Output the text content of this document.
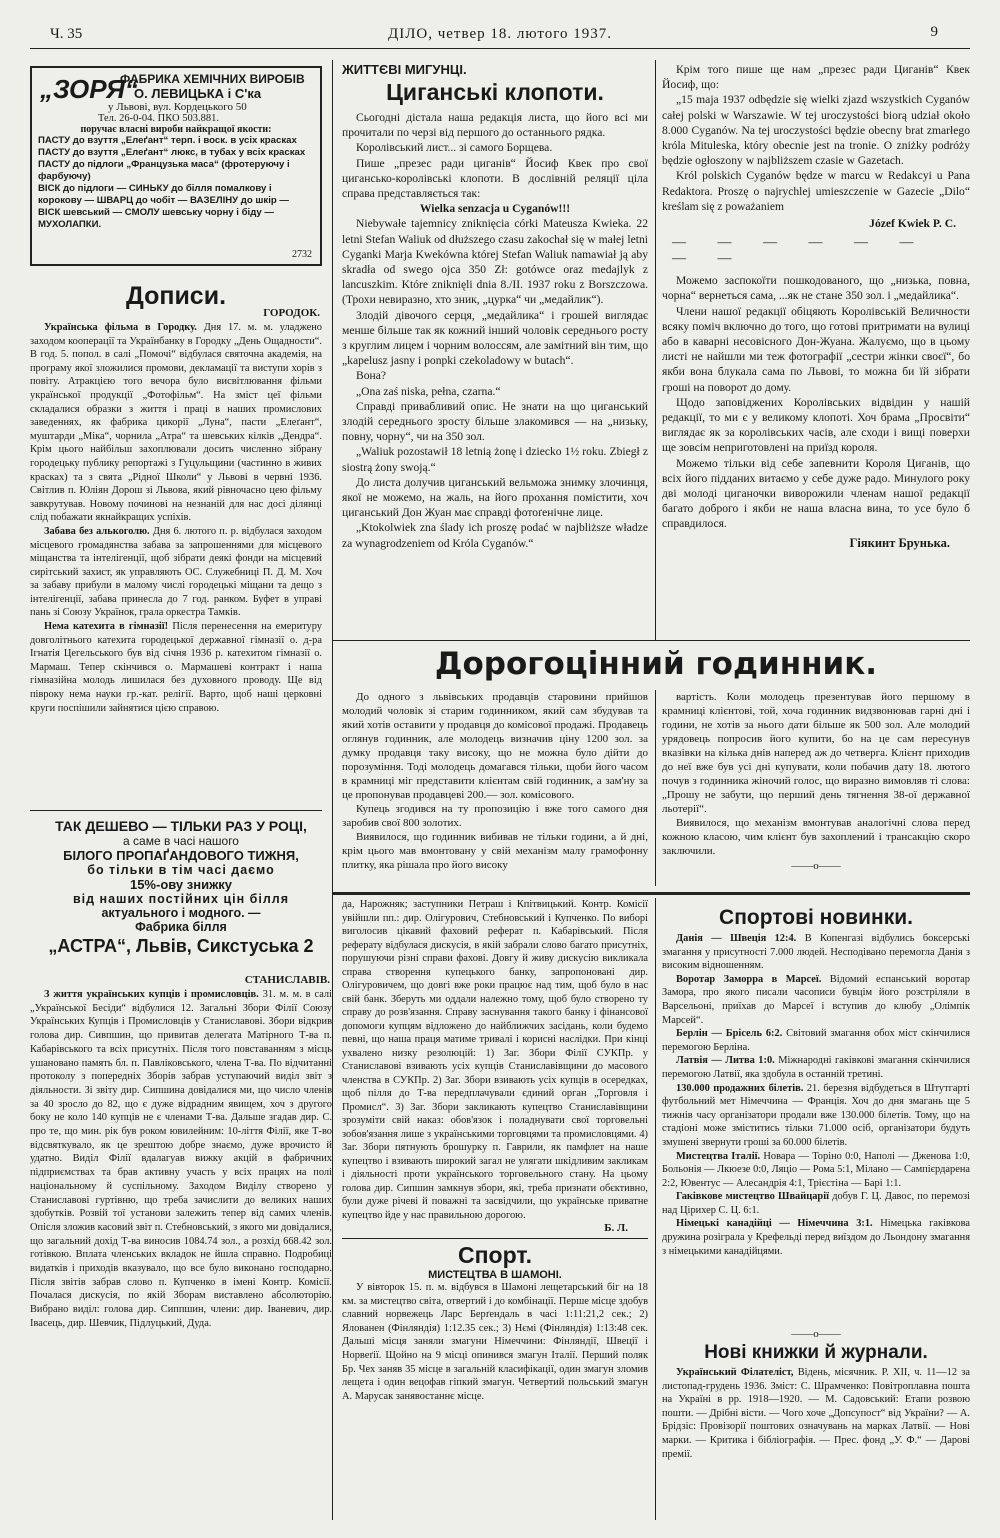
Ч. 35	ДІЛО, четвер 18. лютого 1937.	9
„ЗОРЯ“
ФАБРИКА ХЕМІЧНИХ ВИРОБІВ
О. ЛЕВИЦЬКА і С'ка
у Львові, вул. Кордецького 50
Тел. 26-0-04. ПКО 503.881.
поручає власні вироби найкращої якости:
ПАСТУ до взуття „Елеґант“ терп. і воск. в усіх красках
ПАСТУ до взуття „Елеґант“ люкс, в тубах у всіх красках
ПАСТУ до підлоги „Французька маса“ (фротеруючу і фарбуючу)
ВІСК до підлоги — СИНЬКУ до білля помалкову і корокову — ШВАРЦ до чобіт — ВАЗЕЛІНУ до шкір — ВІСК шевський — СМОЛУ шевську чорну і біду — МУХОЛАПКИ.
2732
Дописи.
ГОРОДОК.

Українська фільма в Городку. Дня 17. м. м. уладжено заходом кооперації та Українбанку в Городку „День Ощадности“. В год. 5. попол. в салі „Помочі“ відбулася святочна академія, на програму якої зложилися промови, декламації та виступи хорів з повіту. Атракцією того вечора було висвітлювання фільми української продукції „Фотофільм“. На зміст цеї фільми складалися образки з життя і праці в наших промислових заведеннях, як фабрика цикорії „Луна“, пасти „Елеґант“, муштарди „Міка“, чорнила „Атра“ та шевських кілків „Дендра“. Крім цього найбільш захоплювали досить численно зібрану городецьку публику репортажі з Гуцульщини (частинно в живих красках) та з свята „Рідної Школи“ у Львові в червні 1936. Світлив п. Юліян Дорош зі Львова, який рівночасно цею фільму завкрутував. Новому починові на незнаній для нас досі ділянці слід побажати якнайкращих успіхів.

Забава без алькоголю. Дня 6. лютого п. р. відбулася заходом місцевого громадянства забава за запрошеннями для місцевого міщанства та інтелігенції, щоб зібрати деякі фонди на місцевий сирітський захист, як управляють ОС. Служебниці П. Д. М. Хоч за забаву прибули в малому числі городецькі міщани та дещо з інтелігенції, забава принесла до 7 год. ранком. Буфет в управі пань зі Союзу Українок, грала оркестра Тамків.

Нема катехита в гімназії! Після перенесення на емеритуру довголітнього катехита городецької державної гімназії о. д-ра Ігнатія Цегельського був від січня 1936 р. катехитом гімназії о. Мармаш. Тепер скінчився о. Мармашеві контракт і наша гімназійна молодь лишилася без духовного проводу. Ще від півроку нема науки гр.-кат. релігії. Варто, щоб наші церковні круги поспішили зайнятися цією справою.

ТАК ДЕШЕВО — ТІЛЬКИ РАЗ У РОЦІ,
а саме в часі нашого
БІЛОГО ПРОПАҐАНДОВОГО ТИЖНЯ,
бо тільки в тім часі даємо
15%-ову знижку
від наших постійних цін білля
актуального і модного. —
Фабрика білля
„АСТРА“, Львів, Сикстуська 2
СТАНИСЛАВІВ.

З життя українських купців і промисловців. 31. м. м. в салі „Української Бесіди“ відбулися 12. Загальні Збори Філії Союзу Українських Купців і Промисловців у Станиславові. Збори відкрив голова дир. Сивпшин, що привитав делегата Матірного Т-ва п. Кабарівського та всіх присутніх. Після того повставанням з місць ушановано память бл. п. Павліковського, члена Т-ва. По відчитанні протоколу з попередніх Зборів забрав уступаючий виділ звіт з діяльности. Зі звіту дир. Сипшина довідалися ми, що число членів за 40 зросло до 82, що є дуже відрадним явищем, хоч з другого боку не коло 140 купців не є членами Т-ва. Дальше згадав дир. С. про те, що мин. рік був роком ювилейним: 10-ліття Філії, яке Т-во відсвяткувало, як це зрештою добре знаємо, дуже врочисто й удатно. Виділ Філії вдалагуав вижку акцій в фабричних підприємствах та брав активну участь у всіх працях на полі національному й суспільному. Заходом Виділу створено у Станиславові гуртівню, що треба зачислити до великих наших здобутків. Розвій тої установи залежить тепер від самих членів. Опісля зложив касовий звіт п. Стебновський, з якого ми довідалися, що загальний дохід Т-ва виносив 1084.74 зол., а розхід 668.42 зол. готівкою. Вплата членських вкладок не йшла справно. Подробиці видатків і приходів вказувало, що все було виконано господарно. Після звітів забрав слово п. Купченко в імені Контр. Комісії. Почалася дискусія, по якій Зборам виставлено абсолюторію. Вибрано виділ: голова дир. Сиппшин, члени: дир. Іваневич, дир. Івасець, дир. Шевчик, Підлуцький, Дуда.

ЖИТТЄВІ МИГУНЦІ.
Циганські клопоти.

Сьогодні дістала наша редакція листа, що його всі ми прочитали по черзі від першого до останнього рядка.

Королівський лист... зі самого Борщева.

Пише „презес ради циганів“ Йосиф Квек про свої цигансько-королівські клопоти. В дослівній реляції ціла справа представляється так:

Wielka senzacja u Cyganów!!!

Niebywałe tajemnicy zniknięcia córki Mateusza Kwieka. 22 letni Stefan Waliuk od dłuższego czasu zakochał się w małej letni Cyganki Marja Kwekówna której Stefan Waliuk namawiał ją aby skradła od swego ojca 350 Zł: gotówce oraz medajlyk z lancuszkim. Które zniknięli dnia 8./II. 1937 roku z Borszczowa. (Трохи невиразно, хто зник, „цурка“ чи „медайлик“).

Злодій дівочого серця, „медайлика“ і грошей виглядає менше більше так як кожний інший чоловік середнього росту з круглим лицем і чорним волоссям, але замітний він тим, що „kapelusz jasny i ponpki czekoladowy w butach“.

Вона?

„Ona zaś niska, pełna, czarna.“

Справді привабливий опис. Не знати на що циганський злодій середнього зросту більше злакомився — на „низьку, повну, чорну“, чи на 350 зол.

„Waliuk pozostawił 18 letnią żonę i dziecko 1½ roku. Zbiegł z siostrą żony swoją.“

До листа долучив циганський вельможа знимку злочинця, якої не можемо, на жаль, на його прохання помістити, хоч циганський Дон Жуан має справді фотоґенічне лице.

„Ktokolwiek zna ślady ich proszę podać w najbliższe władze za wynagrodzeniem od Króla Cyganów.“

Крім того пише ще нам „презес ради Циганів“ Квек Йосиф, що:

„15 maja 1937 odbędzie się wielki zjazd wszystkich Cyganów całej polski w Warszawie. W tej uroczystości biorą udział około 8.000 Cyganów. Na tej uroczystości będzie obecny brat zmarłego króla Mituleska, który obecnie jest na tronie. O zniżky podróży będzie ogłoszony w najbliższem czasie w Gazetach.

Król polskich Cyganów będze w marcu w Redakcyi u Pana Redaktora. Proszę o najrychlej umieszczenie w Gazecie „Dilo“ kreślam się z poważaniem

Józef Kwiek P. C.

— — — — — — — —

Можемо заспокоїти пошкодованого, що „низька, повна, чорна“ вернеться сама, ...як не стане 350 зол. і „медайлика“.

Члени нашої редакції обіцяють Королівській Величности всяку поміч включно до того, що готові притримати на вулиці або в каварні несовісного Дон-Жуана. Жалуємо, що в цьому листі не найшли ми теж фотографії „сестри жінки своєї“, бо якби вона блукала сама по Львові, то можна би їй зібрати гроші на поворот до дому.

Щодо заповіджених Королівських відвідин у нашій редакції, то ми є у великому клопоті. Хоч брама „Просвіти“ виглядає як за королівських часів, але сходи і вищі поверхи ще зовсім неприготовлені на приїзд короля.

Можемо тільки від себе запевнити Короля Циганів, що всіх його підданих витаємо у себе дуже радо. Минулого року дві молоді циганочки виворожили членам нашої редакції багато доброго і якби не наша власна вина, то усе було б справдилося.

Гіякинт Брунька.
Дорогоцінний годинник.

До одного з львівських продавців старовини прийшов молодий чоловік зі старим годинником, який сам збудував та який хотів оставити у продавця до комісової продажі. Продавець оглянув годинник, але молодець визначив ціну 1200 зол. за думку продавця таку високу, що не можна було дійти до порозуміння. Тоді молодець домагався тільки, щоби його часом в крамниці міг представити клієнтам свій годинник, а зам'ну за це пропонував продавцеві 200.— зол. комісового.

Купець згодився на ту пропозицію і вже того самого дня заробив свої 800 золотих.

Виявилося, що годинник вибивав не тільки години, а й дні, крім цього мав вмонтовану у свій механізм малу грамофонну плитку, яка рішала про його високу

вартість. Коли молодець презентував його першому в крамниці клієнтові, той, хоча годинник видзвонював гарні дні і години, не хотів за нього дати більше як 500 зол. Але молодий урядовець попросив його купити, бо на це сам пересунув вказівки на кілька днів наперед аж до четверга. Клієнт приходив до неї вже був усі дні купувати, коли побачив дату 18. лютого почув з годинника жіночий голос, що виразно вимовляв ті слова: „Прошу не забути, що перший день тягнення 38-ої державної льотерії“.

Виявилося, що механізм вмонтував аналогічні слова перед кожною класою, чим клієнт був захоплений і трансакцію скоро заключили.

——o——

да, Нарожняк; заступники Петраш і Кпітвицький. Контр. Комісії увійшли пп.: дир. Олігурович, Стебновський і Купченко. По виборі виголосив цікавий фаховий реферат п. Кабарівський. Після реферату відбулася дискусія, в якій забрали слово багато присутніх, порушуючи різні справи фахові. Довгу й живу дискусію викликала справа створення купецького банку, запропоновані дир. Олігуровичем, що довгі вже роки працює над тим, щоб було в нас свій банк. Зберуть ми оддали належно тому, щоб було створено ту справу до розв'язання. Справу заснування такого банку і фінансової допомоги купцям відложено до найближчих засідань, коли будемо певні, що наша праця матиме тривалі і корисні наслідки. При кінці ухвалено низку резолюцій: 1) Заг. Збори Філії СУКПр. у Станиславові взивають усіх купців Станиславівщини до масового членства в СУКПр. 2) Заг. Збори взивають усіх купців в осередках, щоб пілля до Т-ва передплачували єдиний орган „Торговля і Промисл“. 3) Заг. Збори закликають купецтво Станиславівщини зрозуміти свій наказ: обов'язок і поладнувати свої торговельні зобов'язання лише з українськими торговцями та промисловцями. 4) Заг. Збори пятнують брошурку п. Гаврили, як памфлет на наше купецтво і взивають широкий загал не улягати шкідливим закликам і діяльності проти українського торговельного стану. На цьому голова дир. Сипшин замкнув збори, які, треба признати обєктивно, були дуже річеві й поважні та засвідчили, що українське приватне купецтво йде у нас правильною дорогою.

Б. Л.
Спорт.
МИСТЕЦТВА В ШАМОНІ.

У вівторок 15. п. м. відбувся в Шамоні лещетарський біг на 18 км. за мистецтво світа, отвертий і до комбінації. Перше місце здобув славний норвежець Ларс Берґендаль в часі 1:11:21,2 сек.; 2) Ялованен (Фінляндія) 1:12.35 сек.; 3) Нємі (Фінляндія) 1:13:48 сек. Дальші місця заняли змагуни Німеччини: Фінляндії, Швеції і Норвеґії. Щойно на 9 місці опинився змагун Італії. Перший поляк Бр. Чех заняв 35 місце в загальній класифікації, один змагун зломив лещета і один вецофав гіпкий змагун. Четвертий польський змагун А. Марусак занявостаннє місце.

Спортові новинки.

Данія — Швеція 12:4. В Копенгазі відбулись боксерські змагання у присутності 7.000 людей. Несподівано перемогла Данія з високим відношенням.

Воротар Заморра в Марсеї. Відомий еспанський воротар Замора, про якого писали часописи бувцім його розстріляли в Варсельоні, приїхав до Марсеї і вступив до клюбу „Олімпік Марсей“.

Берлін — Брісель 6:2. Світовий змагання обох міст скінчилися перемогою Берліна.

Латвія — Литва 1:0. Міжнародні гаківкові змагання скінчилися перемогою Латвії, яка здобула в останній третині.

130.000 продажних білетів. 21. березня відбудеться в Штутгарті футбольний мет Німеччина — Франція. Хоч до дня змагань ще 5 тижнів часу організатори продали вже 130.000 білетів. Тому, що на стадіоні може зміститись тільки 71.000 осіб, організатори будуть змушені звернути гроші за 60.000 білетів.

Мистецтва Італії. Новара — Торіно 0:0, Наполі — Дженова 1:0, Больонія — Лкюезе 0:0, Ляціо — Рома 5:1, Мілано — Сампієрдарена 2:2, Ювентус — Алесандрія 4:1, Трієстіна — Барі 1:1.

Гаківкове мистецтво Швайцарії добув Г. Ц. Давос, по перемозі над Цірихер С. Ц. 6:1.

Німецькі канадійці — Німеччина 3:1. Німецька гаківкова дружина розіграла у Крефельді перед виїздом до Льондону змагання з німецькими канадійцями.

——o——
Нові книжки й журнали.

Український Філателіст, Відень, місячник. Р. XII, ч. 11—12 за листопад-грудень 1936. Зміст: С. Шрамченко: Повітроплавна пошта на Україні в рр. 1918—1920. — М. Садовський: Етапи розвою пошти. — Дрібні вісти. — Чого хоче „Допсупост“ від України? — А. Брідзіс: Провізорії поштових означувань на марках Латвії. — Нові марки. — Критика і бібліографія. — Прес. фонд „У. Ф.“ — Дарові премії.
